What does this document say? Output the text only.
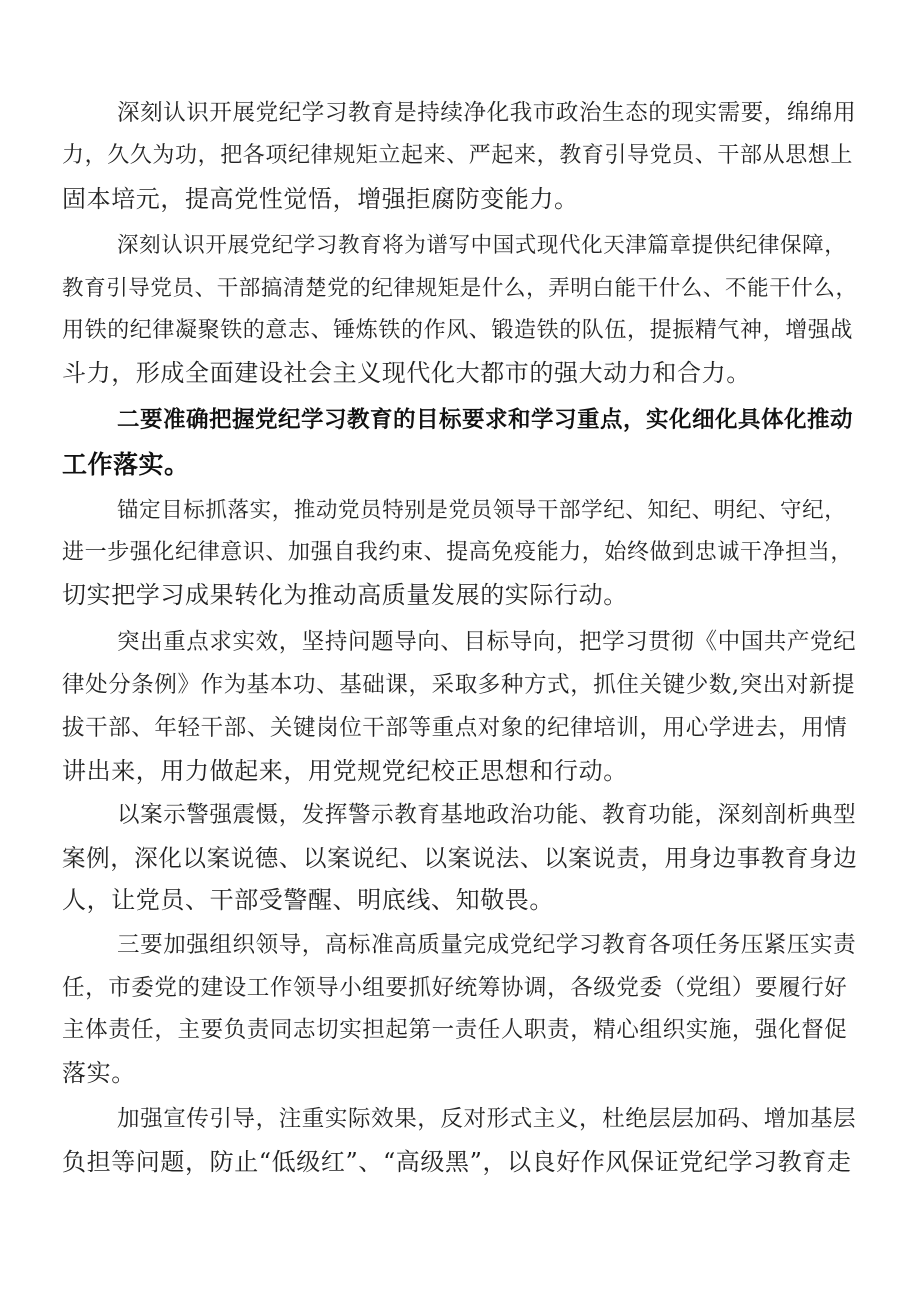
深刻认识开展党纪学习教育是持续净化我市政治生态的现实需要，绵绵用
力，久久为功，把各项纪律规矩立起来、严起来，教育引导党员、干部从思想上
固本培元，提高党性觉悟，增强拒腐防变能力。
深刻认识开展党纪学习教育将为谱写中国式现代化天津篇章提供纪律保障，
教育引导党员、干部搞清楚党的纪律规矩是什么，弄明白能干什么、不能干什么，
用铁的纪律凝聚铁的意志、锤炼铁的作风、锻造铁的队伍，提振精气神，增强战
斗力，形成全面建设社会主义现代化大都市的强大动力和合力。
二要准确把握党纪学习教育的目标要求和学习重点，实化细化具体化推动
工作落实。
锚定目标抓落实，推动党员特别是党员领导干部学纪、知纪、明纪、守纪，
进一步强化纪律意识、加强自我约束、提高免疫能力，始终做到忠诚干净担当，
切实把学习成果转化为推动高质量发展的实际行动。
突出重点求实效，坚持问题导向、目标导向，把学习贯彻《中国共产党纪
律处分条例》作为基本功、基础课，采取多种方式，抓住关键少数,突出对新提
拔干部、年轻干部、关键岗位干部等重点对象的纪律培训，用心学进去，用情
讲出来，用力做起来，用党规党纪校正思想和行动。
以案示警强震慑，发挥警示教育基地政治功能、教育功能，深刻剖析典型
案例，深化以案说德、以案说纪、以案说法、以案说责，用身边事教育身边
人，让党员、干部受警醒、明底线、知敬畏。
三要加强组织领导，高标准高质量完成党纪学习教育各项任务压紧压实责
任，市委党的建设工作领导小组要抓好统筹协调，各级党委（党组）要履行好
主体责任，主要负责同志切实担起第一责任人职责，精心组织实施，强化督促
落实。
加强宣传引导，注重实际效果，反对形式主义，杜绝层层加码、增加基层
负担等问题，防止“低级红”、“高级黑”，以良好作风保证党纪学习教育走
